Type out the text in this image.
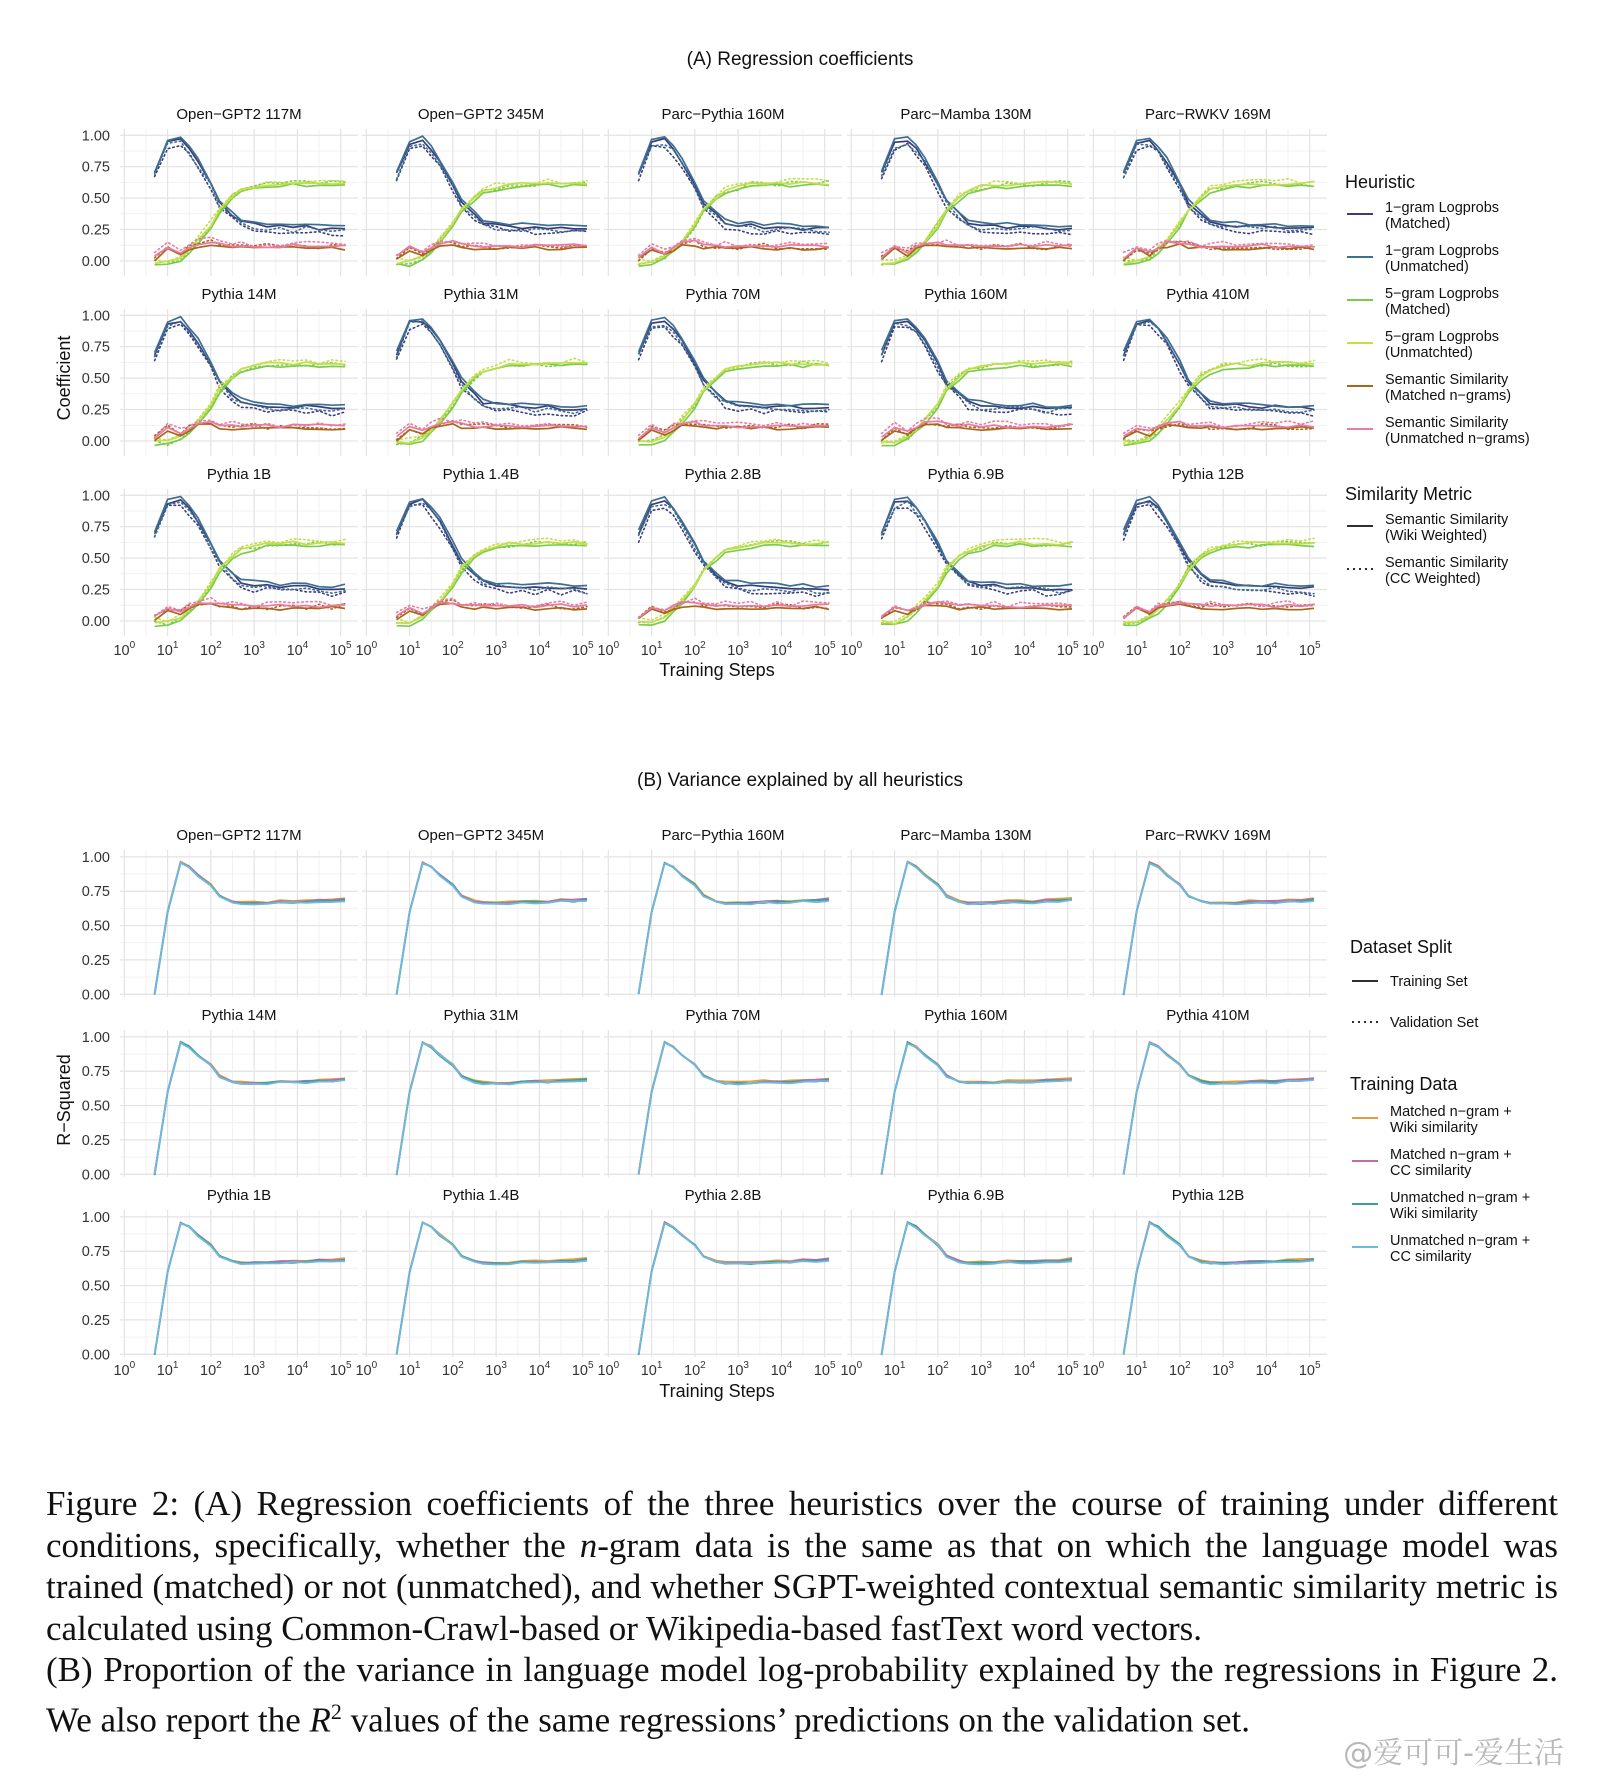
(A) Regression coefficients
Open−GPT2 117M
0.00
0.25
0.50
0.75
1.00
Open−GPT2 345M	Parc−Pythia 160M	Parc−Mamba 130M	Parc−RWKV 169M
Pythia 14M
0.00
0.25
0.50
0.75
1.00
Pythia 31M	Pythia 70M	Pythia 160M	Pythia 410M
Pythia 1B
0.00
0.25
0.50
0.75
1.00
$10^0$ $10^1$ $10^2$ $10^3$ $10^4$ $10^5$
Pythia 1.4B
$10^0$ $10^1$ $10^2$ $10^3$ $10^4$ $10^5$
Pythia 2.8B
$10^0$ $10^1$ $10^2$ $10^3$ $10^4$ $10^5$
Pythia 6.9B
$10^0$ $10^1$ $10^2$ $10^3$ $10^4$ $10^5$
Pythia 12B
$10^0$ $10^1$ $10^2$ $10^3$ $10^4$ $10^5$
Training Steps
Coefficient
Heuristic
1−gram Logprobs
(Matched)
1−gram Logprobs
(Unmatched)
5−gram Logprobs
(Matched)
5−gram Logprobs
(Unmatchted)
Semantic Similarity
(Matched n−grams)
Semantic Similarity
(Unmatched n−grams)
Similarity Metric
Semantic Similarity
(Wiki Weighted)
Semantic Similarity
(CC Weighted)
(B) Variance explained by all heuristics
Open−GPT2 117M
0.00
0.25
0.50
0.75
1.00
Open−GPT2 345M	Parc−Pythia 160M	Parc−Mamba 130M	Parc−RWKV 169M
Pythia 14M
0.00
0.25
0.50
0.75
1.00
Pythia 31M	Pythia 70M	Pythia 160M	Pythia 410M
Pythia 1B
0.00
0.25
0.50
0.75
1.00
$10^0$ $10^1$ $10^2$ $10^3$ $10^4$ $10^5$
Pythia 1.4B
$10^0$ $10^1$ $10^2$ $10^3$ $10^4$ $10^5$
Pythia 2.8B
$10^0$ $10^1$ $10^2$ $10^3$ $10^4$ $10^5$
Pythia 6.9B
$10^0$ $10^1$ $10^2$ $10^3$ $10^4$ $10^5$
Pythia 12B
$10^0$ $10^1$ $10^2$ $10^3$ $10^4$ $10^5$
Training Steps
R−Squared
Dataset Split
Training Set
Validation Set
Training Data
Matched n−gram +
Wiki similarity
Matched n−gram +
CC similarity
Unmatched n−gram +
Wiki similarity
Unmatched n−gram +
CC similarity

Figure 2: (A) Regression coefficients of the three heuristics over the course of training under different conditions, specifically, whether the n-gram data is the same as that on which the language model was trained (matched) or not (unmatched), and whether SGPT-weighted contextual semantic similarity metric is calculated using Common-Crawl-based or Wikipedia-based fastText word vectors.

(B) Proportion of the variance in language model log-probability explained by the regressions in Figure 2. We also report the $R^2$ values of the same regressions’ predictions on the validation set.

@爱可可-爱生活
